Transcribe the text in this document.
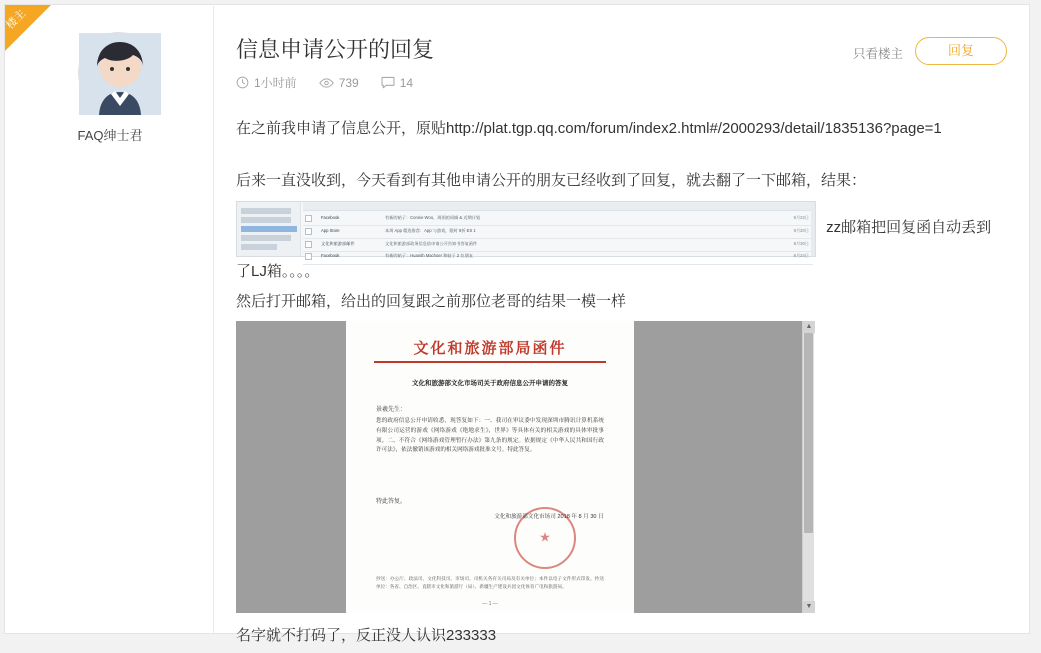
楼主
FAQ绅士君
信息申请公开的回复
1小时前	739	14
只看楼主	回复

在之前我申请了信息公开，原贴http://plat.tgp.qq.com/forum/index2.html#/2000293/detail/1835136?page=1

后来一直没收到，今天看到有其他申请公开的朋友已经收到了回复，就去翻了一下邮箱，结果：

Facebook	有新的帖子：Connie Woo，周围的同城 & 近期计划	9月22日
App Store	本周 App 精选推荐：App 与游戏，限时 8折 ES 1	9月20日
文化和旅游部邮件	文化和旅游部政务信息依申请公开告知书答复函件	8月30日
Facebook	有新的帖子：Huanith Machoer 和帖子 2 位朋友	8月24日
zz邮箱把回复函自动丢到

了LJ箱。。。。

然后打开邮箱，给出的回复跟之前那位老哥的结果一模一样

文化和旅游部局函件
文化和旅游部文化市场司关于政府信息公开申请的答复
景羲先生：
您的政府信息公开申请收悉，现答复如下：一、我司在审议委中发现深圳市腾讯计算机系统有限公司运营的游戏《网络游戏《绝地求生》，世界》等具体有关的相关游戏的具体审批事项。二、不符合《网络游戏管理暂行办法》第九条的规定。依据规定《中华人民共和国行政许可法》，依法撤销该游戏的相关网络游戏批准文号。特此答复。
特此答复。
★
文化和旅游部文化市场司 2018 年 8 月 30 日
抄送：办公厅、政法司、文化科技司、市场司、司机关各有关司局及有关单位；本件以电子文件形式印发。抄送单位：各省、自治区、直辖市文化和旅游厅（局）、新疆生产建设兵团文化体育广电和旅游局。
— 1 —
▲
▼

名字就不打码了，反正没人认识233333
